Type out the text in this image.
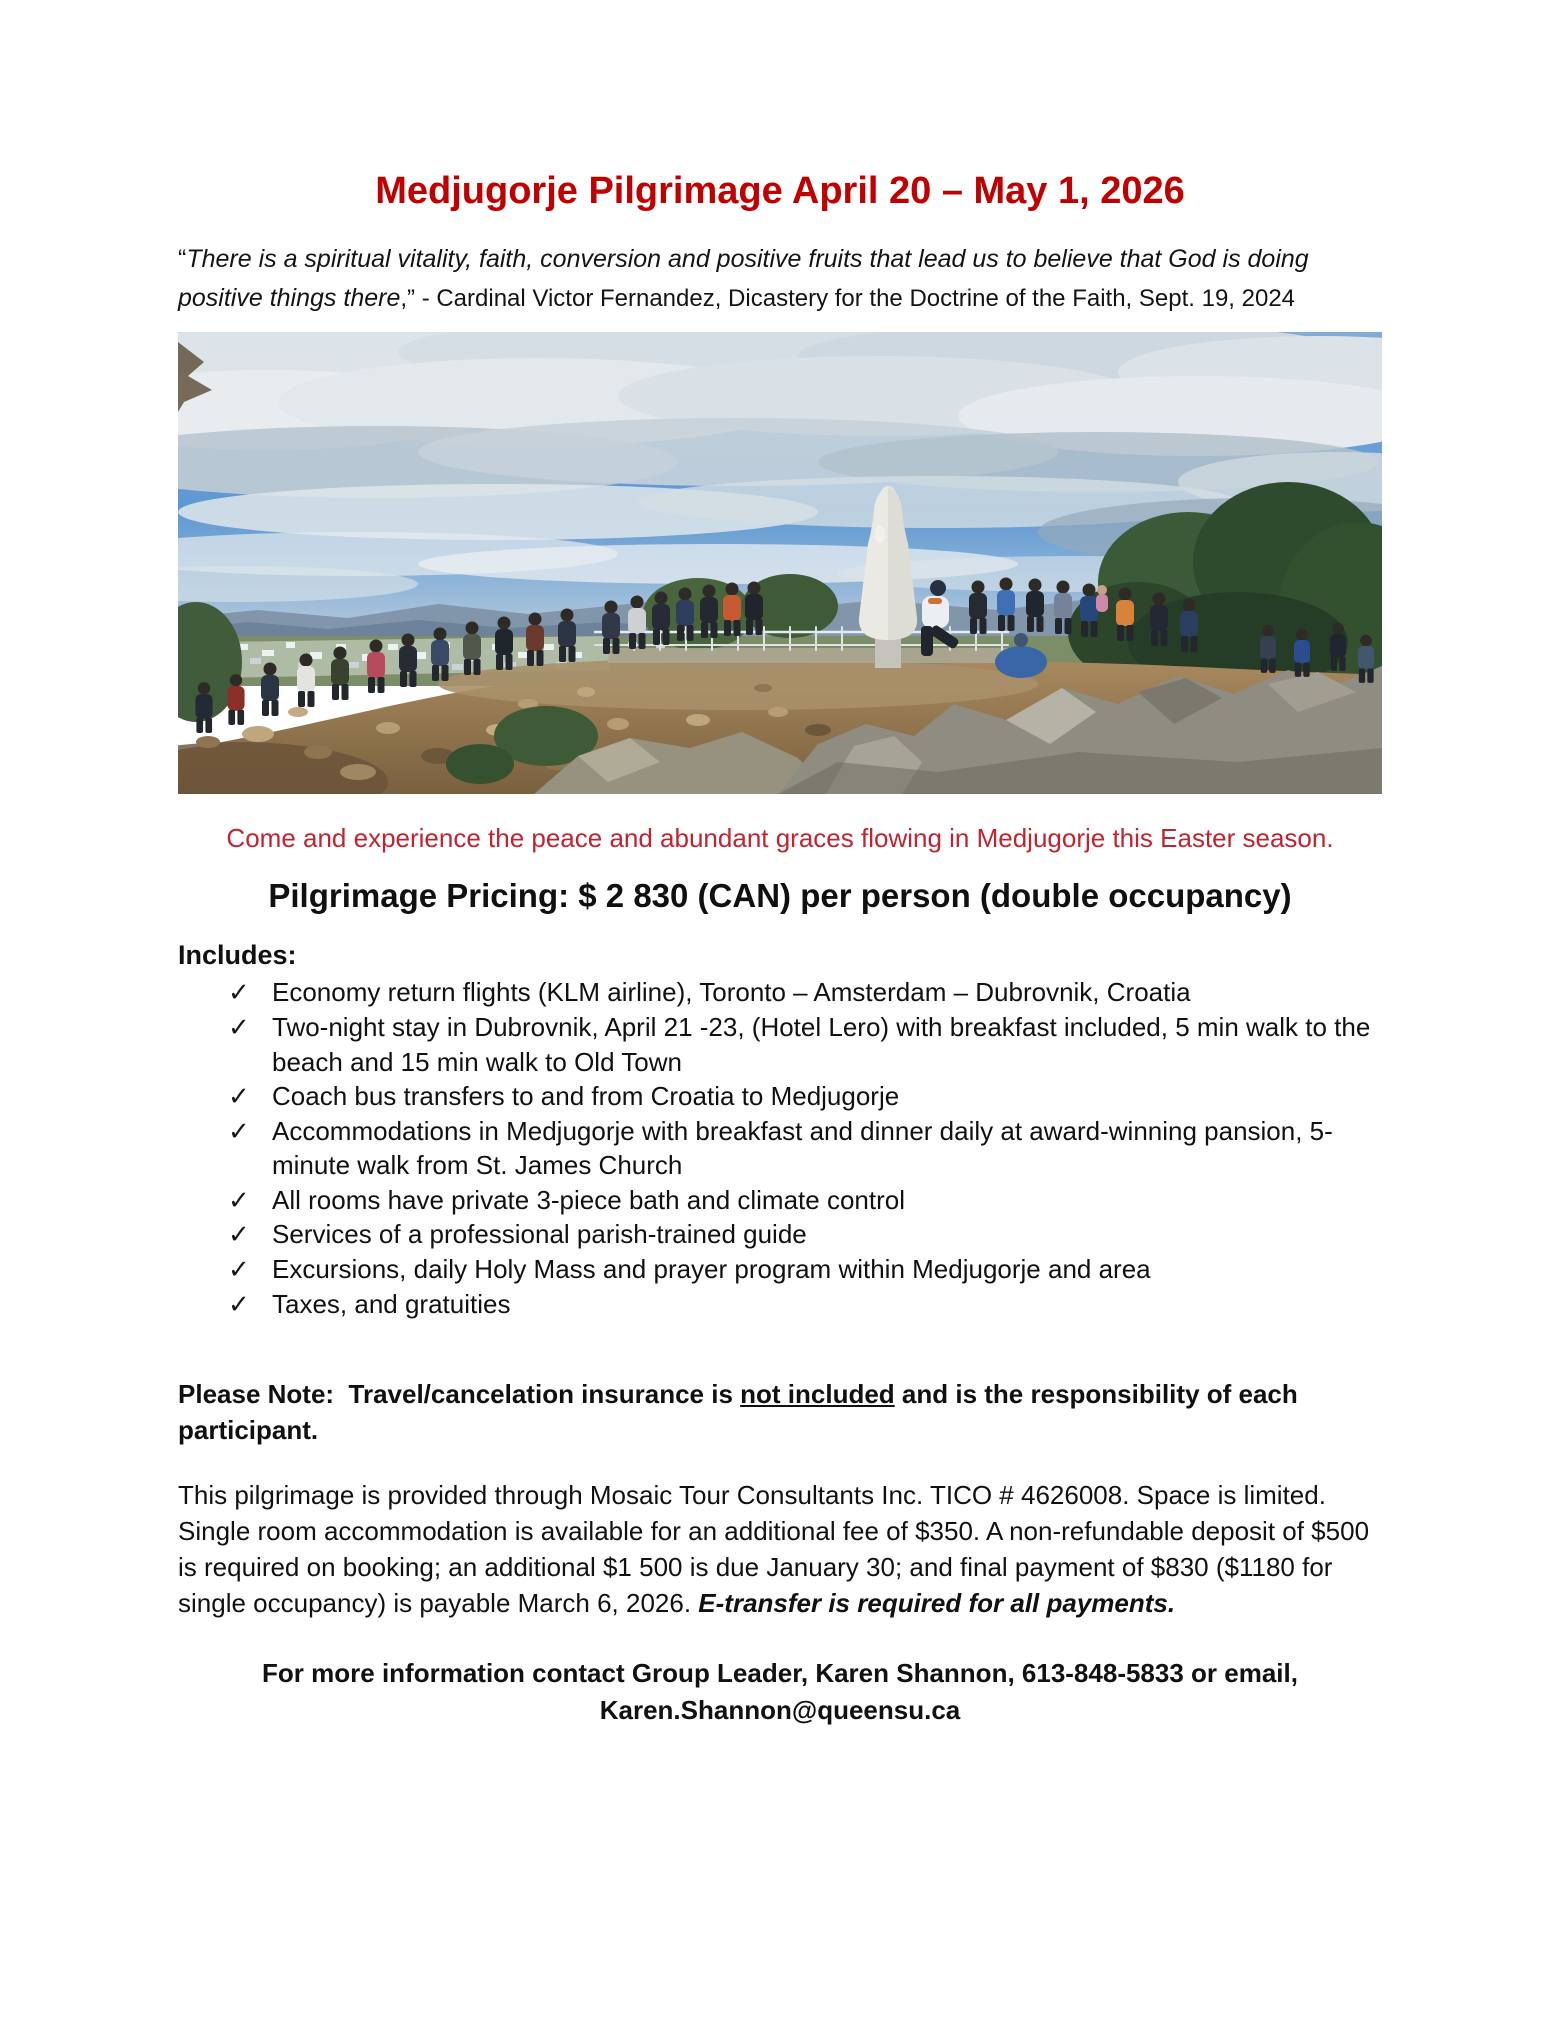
Medjugorje Pilgrimage April 20 – May 1, 2026

“There is a spiritual vitality, faith, conversion and positive fruits that lead us to believe that God is doing positive things there,” - Cardinal Victor Fernandez, Dicastery for the Doctrine of the Faith, Sept. 19, 2024

Come and experience the peace and abundant graces flowing in Medjugorje this Easter season.

Pilgrimage Pricing: $ 2 830 (CAN) per person (double occupancy)

Includes:

✓ Economy return flights (KLM airline), Toronto – Amsterdam – Dubrovnik, Croatia
✓ Two-night stay in Dubrovnik, April 21 -23, (Hotel Lero) with breakfast included, 5 min walk to the beach and 15 min walk to Old Town
✓ Coach bus transfers to and from Croatia to Medjugorje
✓ Accommodations in Medjugorje with breakfast and dinner daily at award-winning pansion, 5-minute walk from St. James Church
✓ All rooms have private 3-piece bath and climate control
✓ Services of a professional parish-trained guide
✓ Excursions, daily Holy Mass and prayer program within Medjugorje and area
✓ Taxes, and gratuities

Please Note:  Travel/cancelation insurance is not included and is the responsibility of each participant.

This pilgrimage is provided through Mosaic Tour Consultants Inc. TICO # 4626008. Space is limited. Single room accommodation is available for an additional fee of $350. A non-refundable deposit of $500 is required on booking; an additional $1 500 is due January 30; and final payment of $830 ($1180 for single occupancy) is payable March 6, 2026. E-transfer is required for all payments.

For more information contact Group Leader, Karen Shannon, 613-848-5833 or email,
Karen.Shannon@queensu.ca
